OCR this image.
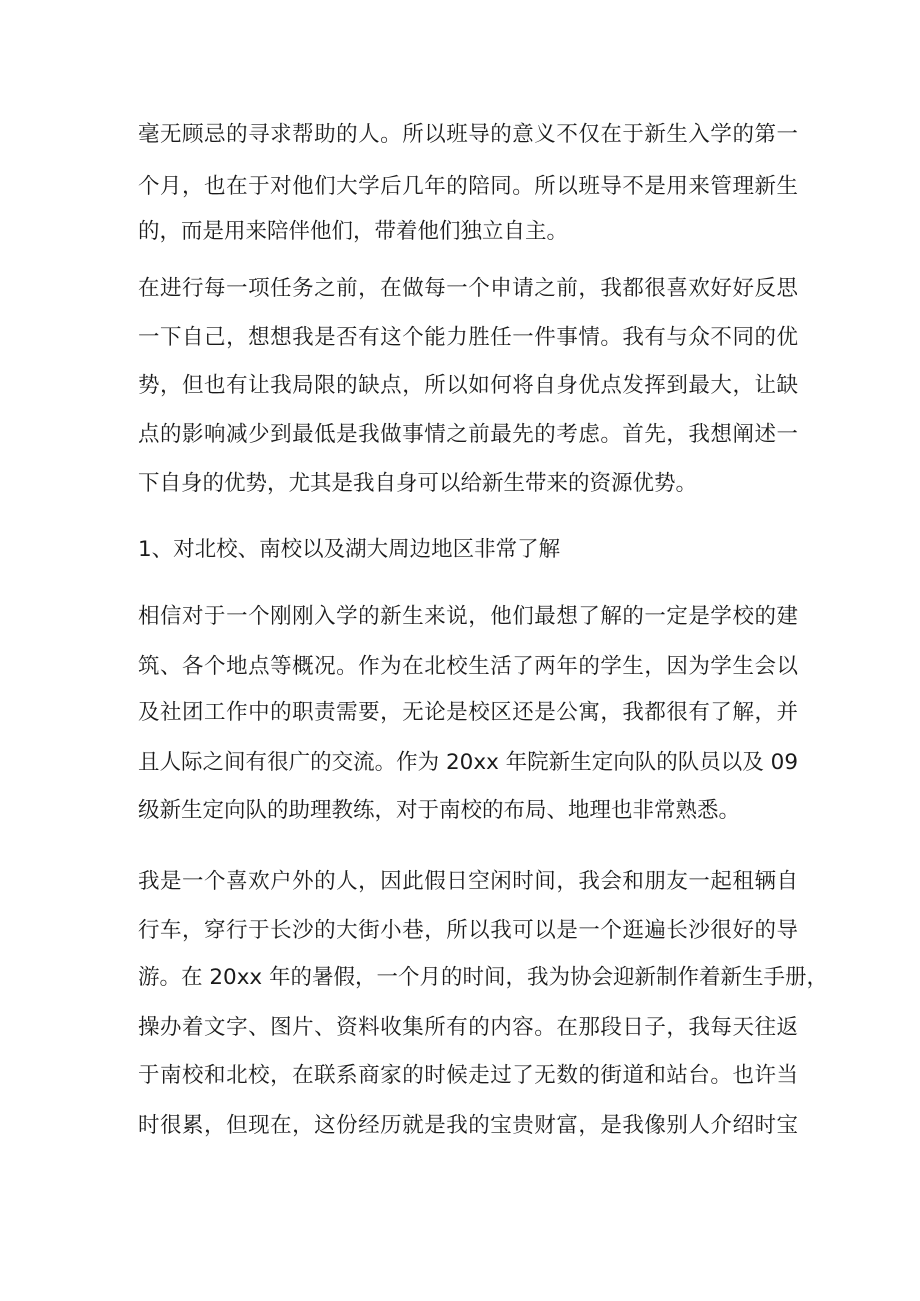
毫无顾忌的寻求帮助的人。所以班导的意义不仅在于新生入学的第一
个月，也在于对他们大学后几年的陪同。所以班导不是用来管理新生
的，而是用来陪伴他们，带着他们独立自主。
在进行每一项任务之前，在做每一个申请之前，我都很喜欢好好反思
一下自己，想想我是否有这个能力胜任一件事情。我有与众不同的优
势，但也有让我局限的缺点，所以如何将自身优点发挥到最大，让缺
点的影响减少到最低是我做事情之前最先的考虑。首先，我想阐述一
下自身的优势，尤其是我自身可以给新生带来的资源优势。
1、对北校、南校以及湖大周边地区非常了解
相信对于一个刚刚入学的新生来说，他们最想了解的一定是学校的建
筑、各个地点等概况。作为在北校生活了两年的学生，因为学生会以
及社团工作中的职责需要，无论是校区还是公寓，我都很有了解，并
且人际之间有很广的交流。作为 20xx 年院新生定向队的队员以及 09
级新生定向队的助理教练，对于南校的布局、地理也非常熟悉。
我是一个喜欢户外的人，因此假日空闲时间，我会和朋友一起租辆自
行车，穿行于长沙的大街小巷，所以我可以是一个逛遍长沙很好的导
游。在 20xx 年的暑假，一个月的时间，我为协会迎新制作着新生手册，
操办着文字、图片、资料收集所有的内容。在那段日子，我每天往返
于南校和北校，在联系商家的时候走过了无数的街道和站台。也许当
时很累，但现在，这份经历就是我的宝贵财富，是我像别人介绍时宝
